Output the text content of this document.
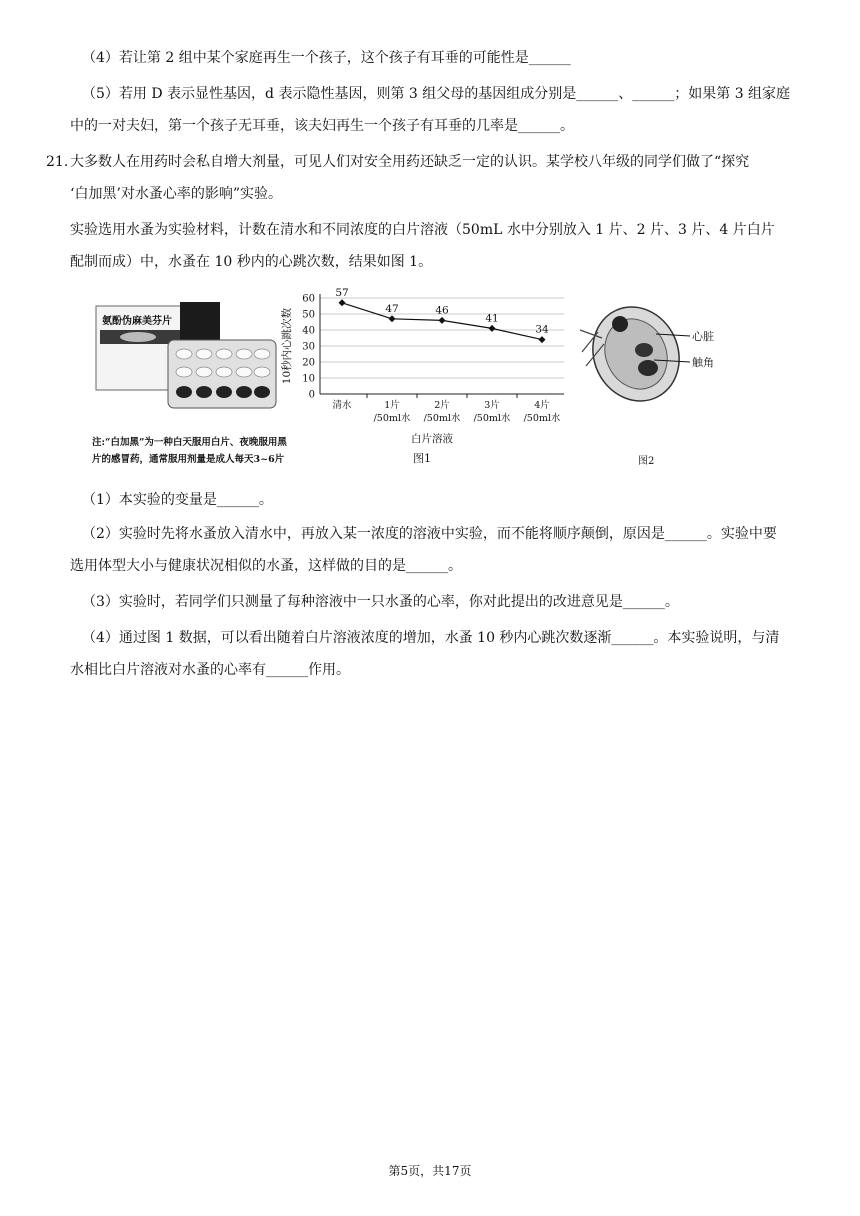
（4）若让第 2 组中某个家庭再生一个孩子，这个孩子有耳垂的可能性是______
（5）若用 D 表示显性基因，d 表示隐性基因，则第 3 组父母的基因组成分别是______、______；如果第 3 组家庭
中的一对夫妇，第一个孩子无耳垂，该夫妇再生一个孩子有耳垂的几率是______。
21. 大多数人在用药时会私自增大剂量，可见人们对安全用药还缺乏一定的认识。某学校八年级的同学们做了“探究
‘白加黑’对水蚤心率的影响”实验。
实验选用水蚤为实验材料，计数在清水和不同浓度的白片溶液（50mL 水中分别放入 1 片、2 片、3 片、4 片白片
配制而成）中，水蚤在 10 秒内的心跳次数，结果如图 1。
氨酚伪麻美芬片
注:“白加黑”为一种白天服用白片、夜晚服用黑
片的感冒药，通常服用剂量是成人每天3~6片
10秒内心跳次数
0
10
20
30
40
50
60
清水	1片/50ml水
2片/50ml水
3片/50ml水
4片/50ml水
57
47	46
41
34
白片溶液
图1
心脏
触角
图2
（1）本实验的变量是______。
（2）实验时先将水蚤放入清水中，再放入某一浓度的溶液中实验，而不能将顺序颠倒，原因是______。实验中要
选用体型大小与健康状况相似的水蚤，这样做的目的是______。
（3）实验时，若同学们只测量了每种溶液中一只水蚤的心率，你对此提出的改进意见是______。
（4）通过图 1 数据，可以看出随着白片溶液浓度的增加，水蚤 10 秒内心跳次数逐渐______。本实验说明，与清
水相比白片溶液对水蚤的心率有______作用。
第5页，共17页
